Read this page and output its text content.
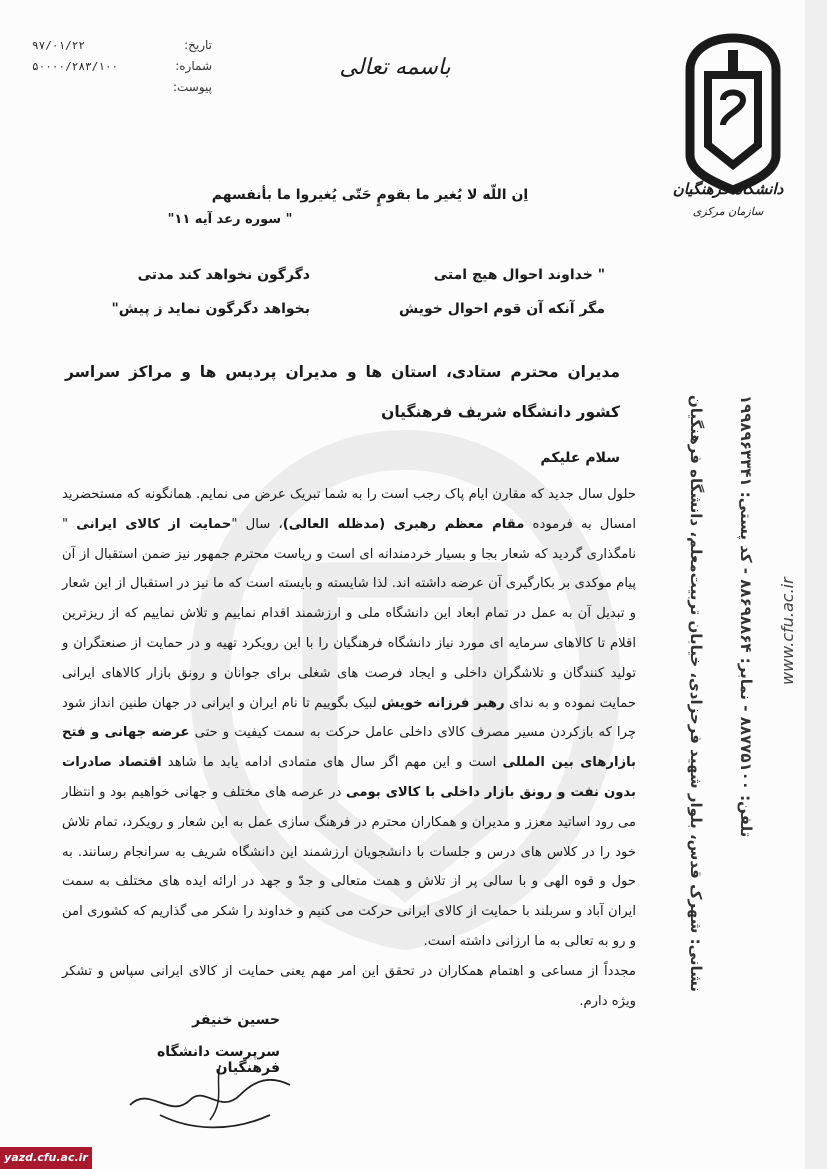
تاریخ:
۹۷/۰۱/۲۲
شماره:
۵۰۰۰۰/۲۸۳/۱۰۰
پیوست:
باسمه تعالی
دانشگاه فرهنگیان
سازمان مرکزی
نشانی: شهرک قدس، بلوار شهید فرحزادی، خیابان تربیت‌معلم، دانشگاه فرهنگیان تلفن: ۸۸۷۷۵۱۰۰ - نمابر: ۸۸۶۹۸۸۶۴ - کد پستی: ۱۹۹۸۹۶۳۳۴۱
www.cfu.ac.ir
اِن اللّه لا یُغیر ما بقومٍ حَتّی یُغیروا ما بأنفسهم
" سوره رعد آیه ۱۱"
" خداوند احوال هیچ امتی
مگر آنکه آن قوم احوال خویش
دگرگون نخواهد کند مدتی
بخواهد دگرگون نماید ز پیش"
مدیران محترم ستادی، استان ها و مدیران پردیس ها و مراکز سراسر کشور دانشگاه شریف فرهنگیان
سلام علیکم

حلول سال جدید که مقارن ایام پاک رجب است را به شما تبریک عرض می نمایم. همانگونه که مستحضرید امسال به فرموده مقام معظم رهبری (مدظله العالی)، سال "حمایت از کالای ایرانی " نامگذاری گردید که شعار بجا و بسیار خردمندانه ای است و ریاست محترم جمهور نیز ضمن استقبال از آن پیام موکدی بر بکارگیری آن عرضه داشته اند. لذا شایسته و بایسته است که ما نیز در استقبال از این شعار و تبدیل آن به عمل در تمام ابعاد این دانشگاه ملی و ارزشمند اقدام نماییم و تلاش نماییم که از ریزترین اقلام تا کالاهای سرمایه ای مورد نیاز دانشگاه فرهنگیان را با این رویکرد تهیه و در حمایت از صنعتگران و تولید کنندگان و تلاشگران داخلی و ایجاد فرصت های شغلی برای جوانان و رونق بازار کالاهای ایرانی حمایت نموده و به ندای رهبر فرزانه خویش لبیک بگوییم تا نام ایران و ایرانی در جهان طنین انداز شود چرا که بازکردن مسیر مصرف کالای داخلی عامل حرکت به سمت کیفیت و حتی عرضه جهانی و فتح بازارهای بین المللی است و این مهم اگر سال های متمادی ادامه یابد ما شاهد اقتصاد صادرات بدون نفت و رونق بازار داخلی با کالای بومی در عرصه های مختلف و جهانی خواهیم بود و انتظار می رود اساتید معزز و مدیران و همکاران محترم در فرهنگ سازی عمل به این شعار و رویکرد، تمام تلاش خود را در کلاس های درس و جلسات با دانشجویان ارزشمند این دانشگاه شریف به سرانجام رسانند. به حول و قوه الهی و با سالی پر از تلاش و همت متعالی و جدّ و جهد در ارائه ایده های مختلف به سمت ایران آباد و سربلند با حمایت از کالای ایرانی حرکت می کنیم و خداوند را شکر می گذاریم که کشوری امن و رو به تعالی به ما ارزانی داشته است.

مجدداً از مساعی و اهتمام همکاران در تحقق این امر مهم یعنی حمایت از کالای ایرانی سپاس و تشکر ویژه دارم.

حسین خنیفر
سرپرست دانشگاه فرهنگیان
yazd.cfu.ac.ir
